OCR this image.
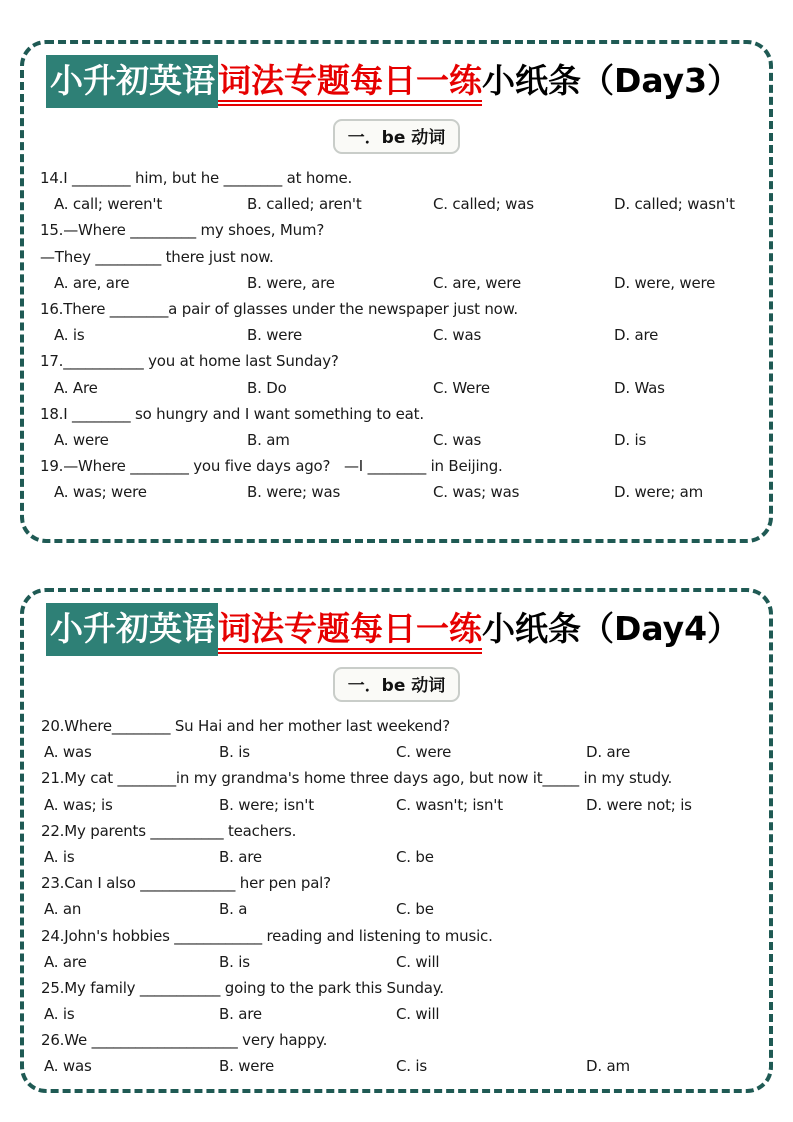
小升初英语词法专题每日一练小纸条（Day3）
一．be 动词
14.I ________ him, but he ________ at home.
A. call; weren't	B. called; aren't	C. called; was	D. called; wasn't
15.—Where _________ my shoes, Mum?
—They _________ there just now.
A. are, are	B. were, are	C. are, were	D. were, were
16.There ________a pair of glasses under the newspaper just now.
A. is	B. were	C. was	D. are
17.___________ you at home last Sunday?
A. Are	B. Do	C. Were	D. Was
18.I ________ so hungry and I want something to eat.
A. were	B. am	C. was	D. is
19.—Where ________ you five days ago?   —I ________ in Beijing.
A. was; were	B. were; was	C. was; was	D. were; am
小升初英语词法专题每日一练小纸条（Day4）
一．be 动词
20.Where________ Su Hai and her mother last weekend?
A. was	B. is	C. were	D. are
21.My cat ________in my grandma's home three days ago, but now it_____ in my study.
A. was; is	B. were; isn't	C. wasn't; isn't	D. were not; is
22.My parents __________ teachers.
A. is	B. are	C. be
23.Can I also _____________ her pen pal?
A. an	B. a	C. be
24.John's hobbies ____________ reading and listening to music.
A. are	B. is	C. will
25.My family ___________ going to the park this Sunday.
A. is	B. are	C. will
26.We ____________________ very happy.
A. was	B. were	C. is	D. am
